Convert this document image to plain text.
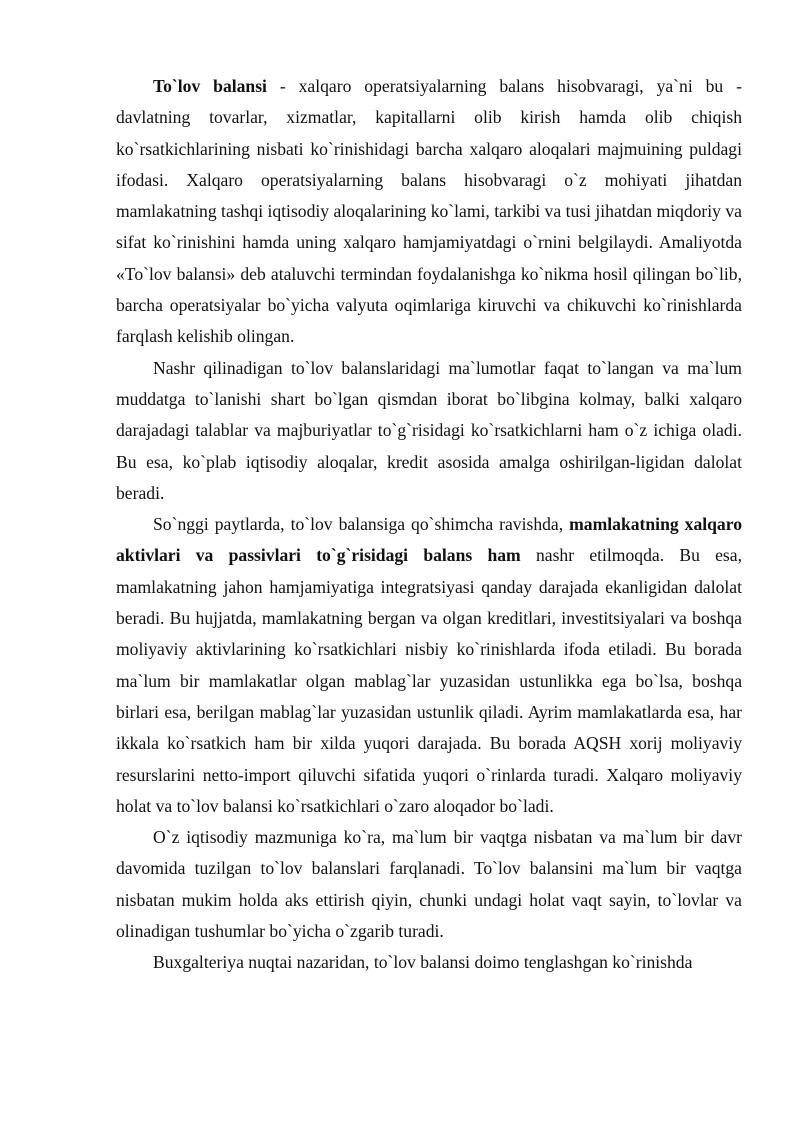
To`lov balansi - xalqaro operatsiyalarning balans hisobvaragi, ya`ni bu - davlatning tovarlar, xizmatlar, kapitallarni olib kirish hamda olib chiqish ko`rsatkichlarining nisbati ko`rinishidagi barcha xalqaro aloqalari majmuining puldagi ifodasi. Xalqaro operatsiyalarning balans hisobvaragi o`z mohiyati jihatdan mamlakatning tashqi iqtisodiy aloqalarining ko`lami, tarkibi va tusi jihatdan miqdoriy va sifat ko`rinishini hamda uning xalqaro hamjamiyatdagi o`rnini belgilaydi. Amaliyotda «To`lov balansi» deb ataluvchi termindan foydalanishga ko`nikma hosil qilingan bo`lib, barcha operatsiyalar bo`yicha valyuta oqimlariga kiruvchi va chikuvchi ko`rinishlarda farqlash kelishib olingan.

Nashr qilinadigan to`lov balanslaridagi ma`lumotlar faqat to`langan va ma`lum muddatga to`lanishi shart bo`lgan qismdan iborat bo`libgina kolmay, balki xalqaro darajadagi talablar va majburiyatlar to`g`risidagi ko`rsatkichlarni ham o`z ichiga oladi. Bu esa, ko`plab iqtisodiy aloqalar, kredit asosida amalga oshirilgan-ligidan dalolat beradi.

So`nggi paytlarda, to`lov balansiga qo`shimcha ravishda, mamlakatning xalqaro aktivlari va passivlari to`g`risidagi balans ham nashr etilmoqda. Bu esa, mamlakatning jahon hamjamiyatiga integratsiyasi qanday darajada ekanligidan dalolat beradi. Bu hujjatda, mamlakatning bergan va olgan kreditlari, investitsiyalari va boshqa moliyaviy aktivlarining ko`rsatkichlari nisbiy ko`rinishlarda ifoda etiladi. Bu borada ma`lum bir mamlakatlar olgan mablag`lar yuzasidan ustunlikka ega bo`lsa, boshqa birlari esa, berilgan mablag`lar yuzasidan ustunlik qiladi. Ayrim mamlakatlarda esa, har ikkala ko`rsatkich ham bir xilda yuqori darajada. Bu borada AQSH xorij moliyaviy resurslarini netto-import qiluvchi sifatida yuqori o`rinlarda turadi. Xalqaro moliyaviy holat va to`lov balansi ko`rsatkichlari o`zaro aloqador bo`ladi.

O`z iqtisodiy mazmuniga ko`ra, ma`lum bir vaqtga nisbatan va ma`lum bir davr davomida tuzilgan to`lov balanslari farqlanadi. To`lov balansini ma`lum bir vaqtga nisbatan mukim holda aks ettirish qiyin, chunki undagi holat vaqt sayin, to`lovlar va olinadigan tushumlar bo`yicha o`zgarib turadi.

Buxgalteriya nuqtai nazaridan, to`lov balansi doimo tenglashgan ko`rinishda
